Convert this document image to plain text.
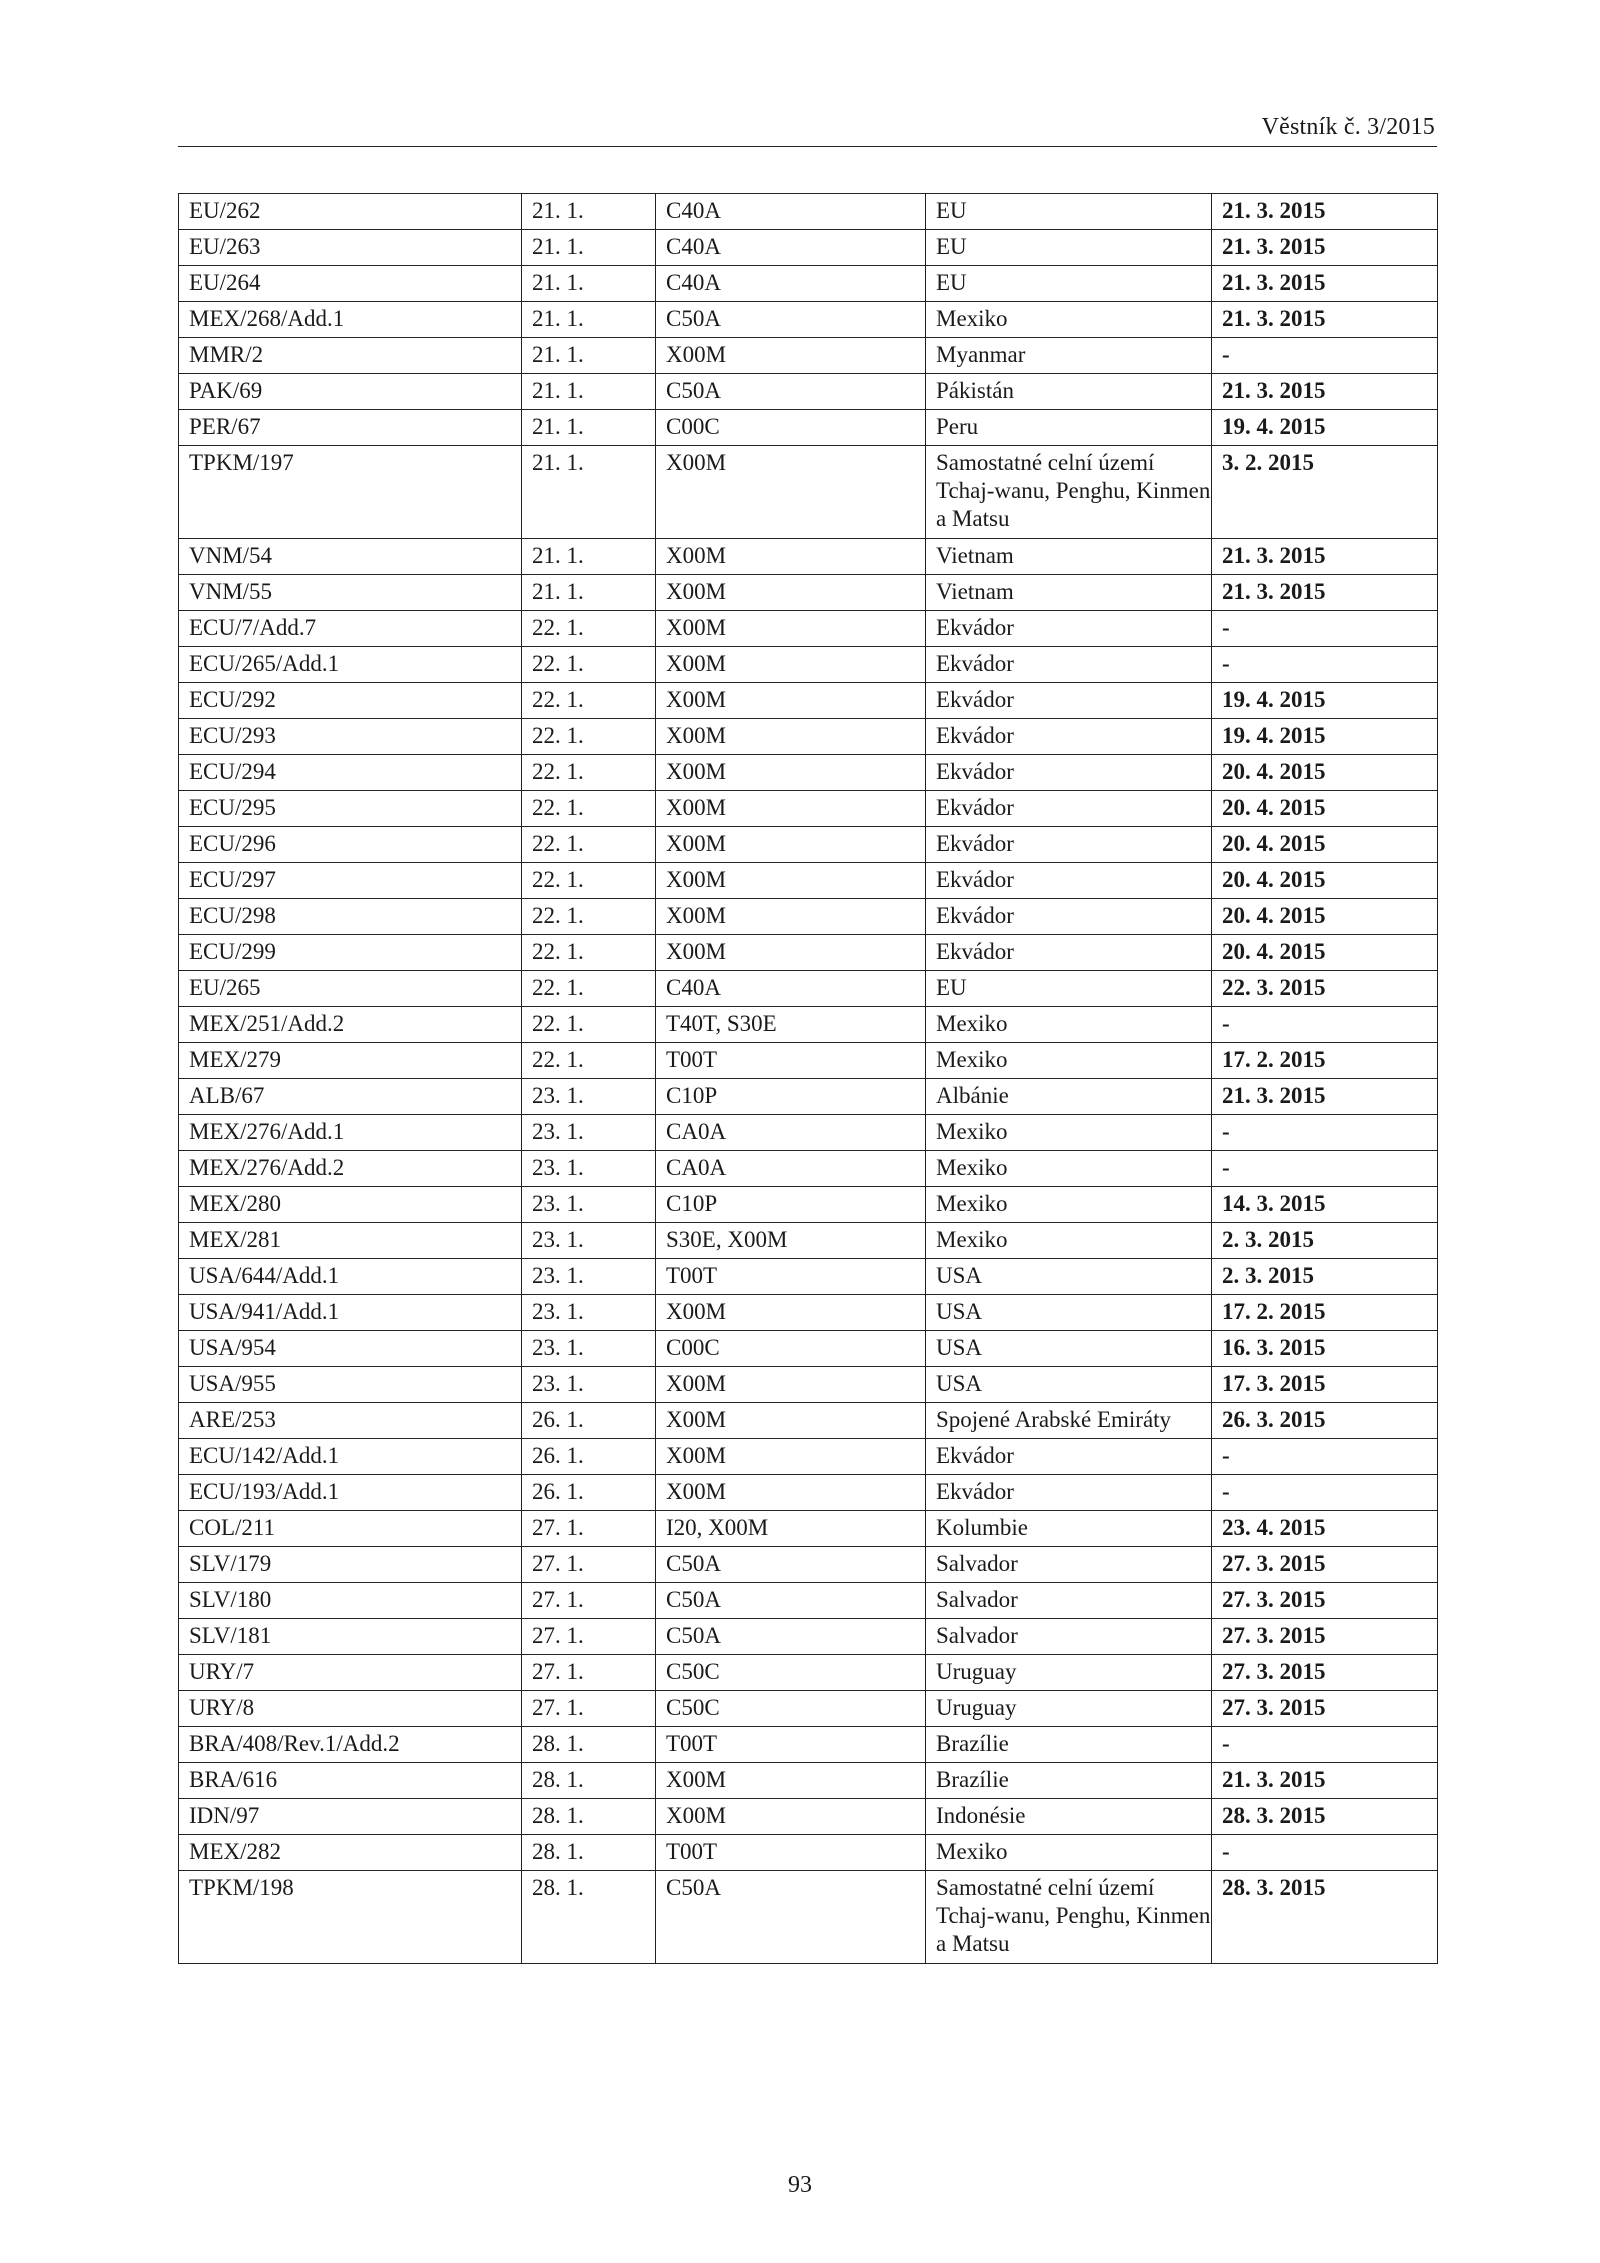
Věstník č. 3/2015
EU/262	21. 1.	C40A	EU	21. 3. 2015
EU/263	21. 1.	C40A	EU	21. 3. 2015
EU/264	21. 1.	C40A	EU	21. 3. 2015
MEX/268/Add.1	21. 1.	C50A	Mexiko	21. 3. 2015
MMR/2	21. 1.	X00M	Myanmar	-
PAK/69	21. 1.	C50A	Pákistán	21. 3. 2015
PER/67	21. 1.	C00C	Peru	19. 4. 2015
TPKM/197	21. 1.	X00M	Samostatné celní území Tchaj-wanu, Penghu, Kinmen a Matsu	3. 2. 2015
VNM/54	21. 1.	X00M	Vietnam	21. 3. 2015
VNM/55	21. 1.	X00M	Vietnam	21. 3. 2015
ECU/7/Add.7	22. 1.	X00M	Ekvádor	-
ECU/265/Add.1	22. 1.	X00M	Ekvádor	-
ECU/292	22. 1.	X00M	Ekvádor	19. 4. 2015
ECU/293	22. 1.	X00M	Ekvádor	19. 4. 2015
ECU/294	22. 1.	X00M	Ekvádor	20. 4. 2015
ECU/295	22. 1.	X00M	Ekvádor	20. 4. 2015
ECU/296	22. 1.	X00M	Ekvádor	20. 4. 2015
ECU/297	22. 1.	X00M	Ekvádor	20. 4. 2015
ECU/298	22. 1.	X00M	Ekvádor	20. 4. 2015
ECU/299	22. 1.	X00M	Ekvádor	20. 4. 2015
EU/265	22. 1.	C40A	EU	22. 3. 2015
MEX/251/Add.2	22. 1.	T40T, S30E	Mexiko	-
MEX/279	22. 1.	T00T	Mexiko	17. 2. 2015
ALB/67	23. 1.	C10P	Albánie	21. 3. 2015
MEX/276/Add.1	23. 1.	CA0A	Mexiko	-
MEX/276/Add.2	23. 1.	CA0A	Mexiko	-
MEX/280	23. 1.	C10P	Mexiko	14. 3. 2015
MEX/281	23. 1.	S30E, X00M	Mexiko	2. 3. 2015
USA/644/Add.1	23. 1.	T00T	USA	2. 3. 2015
USA/941/Add.1	23. 1.	X00M	USA	17. 2. 2015
USA/954	23. 1.	C00C	USA	16. 3. 2015
USA/955	23. 1.	X00M	USA	17. 3. 2015
ARE/253	26. 1.	X00M	Spojené Arabské Emiráty	26. 3. 2015
ECU/142/Add.1	26. 1.	X00M	Ekvádor	-
ECU/193/Add.1	26. 1.	X00M	Ekvádor	-
COL/211	27. 1.	I20, X00M	Kolumbie	23. 4. 2015
SLV/179	27. 1.	C50A	Salvador	27. 3. 2015
SLV/180	27. 1.	C50A	Salvador	27. 3. 2015
SLV/181	27. 1.	C50A	Salvador	27. 3. 2015
URY/7	27. 1.	C50C	Uruguay	27. 3. 2015
URY/8	27. 1.	C50C	Uruguay	27. 3. 2015
BRA/408/Rev.1/Add.2	28. 1.	T00T	Brazílie	-
BRA/616	28. 1.	X00M	Brazílie	21. 3. 2015
IDN/97	28. 1.	X00M	Indonésie	28. 3. 2015
MEX/282	28. 1.	T00T	Mexiko	-
TPKM/198	28. 1.	C50A	Samostatné celní území Tchaj-wanu, Penghu, Kinmen a Matsu	28. 3. 2015
93
